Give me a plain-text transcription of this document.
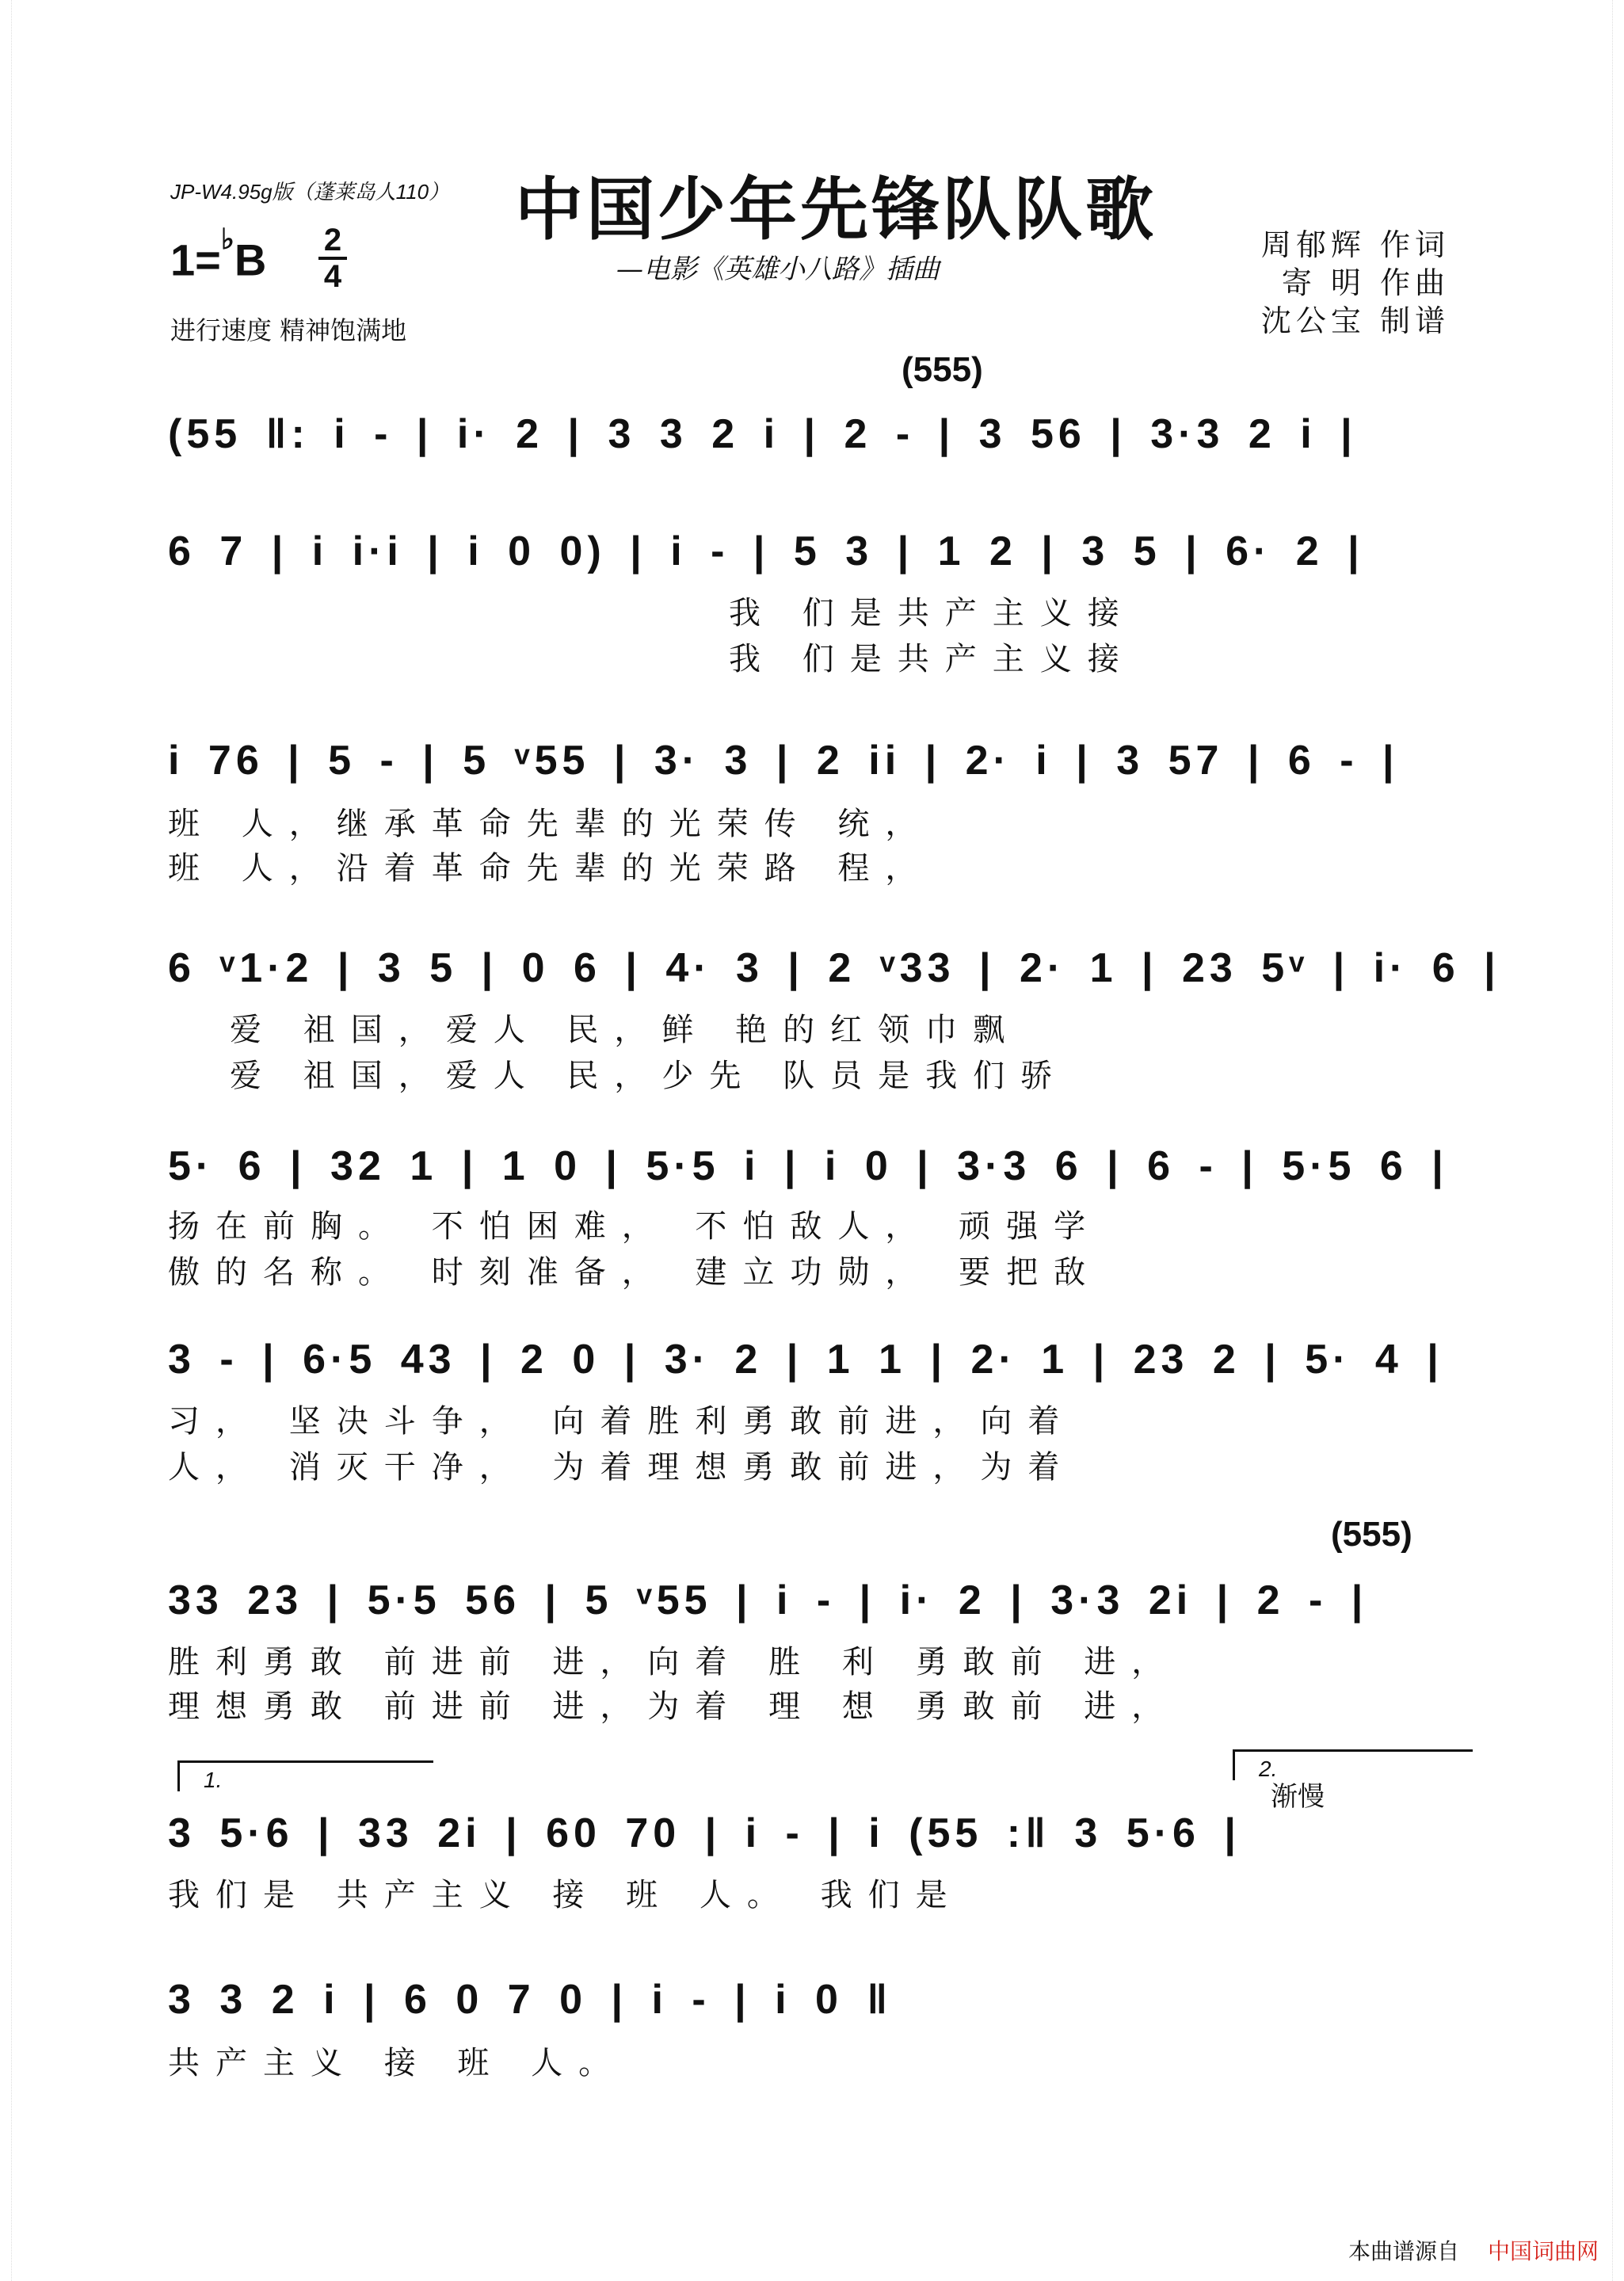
JP-W4.95g版（蓬莱岛人110） 中国少年先锋队队歌
—电影《英雄小八路》插曲
1=♭B 2
4
进行速度 精神饱满地
周郁辉 作词
寄 明 作曲
沈公宝 制谱
(555)
(55 ‖: i - | i· 2 | 3 3 2 i | 2 - | 3 56 | 3·3 2 i |
6 7 | i i·i | i 0 0) | i - | 5 3 | 1 2 | 3 5 | 6· 2 |
我 们是共产主义接
我 们是共产主义接
i 76 | 5 - | 5 ᵛ55 | 3· 3 | 2 ii | 2· i | 3 57 | 6 - |
班 人，继承革命先辈的光荣传 统，
班 人，沿着革命先辈的光荣路 程，
6 ᵛ1·2 | 3 5 | 0 6 | 4· 3 | 2 ᵛ33 | 2· 1 | 23 5ᵛ | i· 6 |
爱 祖国，爱人 民，鲜 艳的红领巾飘
爱 祖国，爱人 民，少先 队员是我们骄
5· 6 | 32 1 | 1 0 | 5·5 i | i 0 | 3·3 6 | 6 - | 5·5 6 |
扬在前胸。 不怕困难， 不怕敌人， 顽强学
傲的名称。 时刻准备， 建立功勋， 要把敌
3 - | 6·5 43 | 2 0 | 3· 2 | 1 1 | 2· 1 | 23 2 | 5· 4 |
习， 坚决斗争， 向着胜利勇敢前进，向着
人， 消灭干净， 为着理想勇敢前进，为着
(555)
33 23 | 5·5 56 | 5 ᵛ55 | i - | i· 2 | 3·3 2i | 2 - |
胜利勇敢 前进前 进，向着 胜 利 勇敢前 进，
理想勇敢 前进前 进，为着 理 想 勇敢前 进，
1.	2.
渐慢
3 5·6 | 33 2i | 60 70 | i - | i (55 :‖ 3 5·6 |
我们是 共产主义 接 班 人。 我们是
3 3 2 i | 6 0 7 0 | i - | i 0 ‖
共产主义 接 班 人。
本曲谱源自 中国词曲网
